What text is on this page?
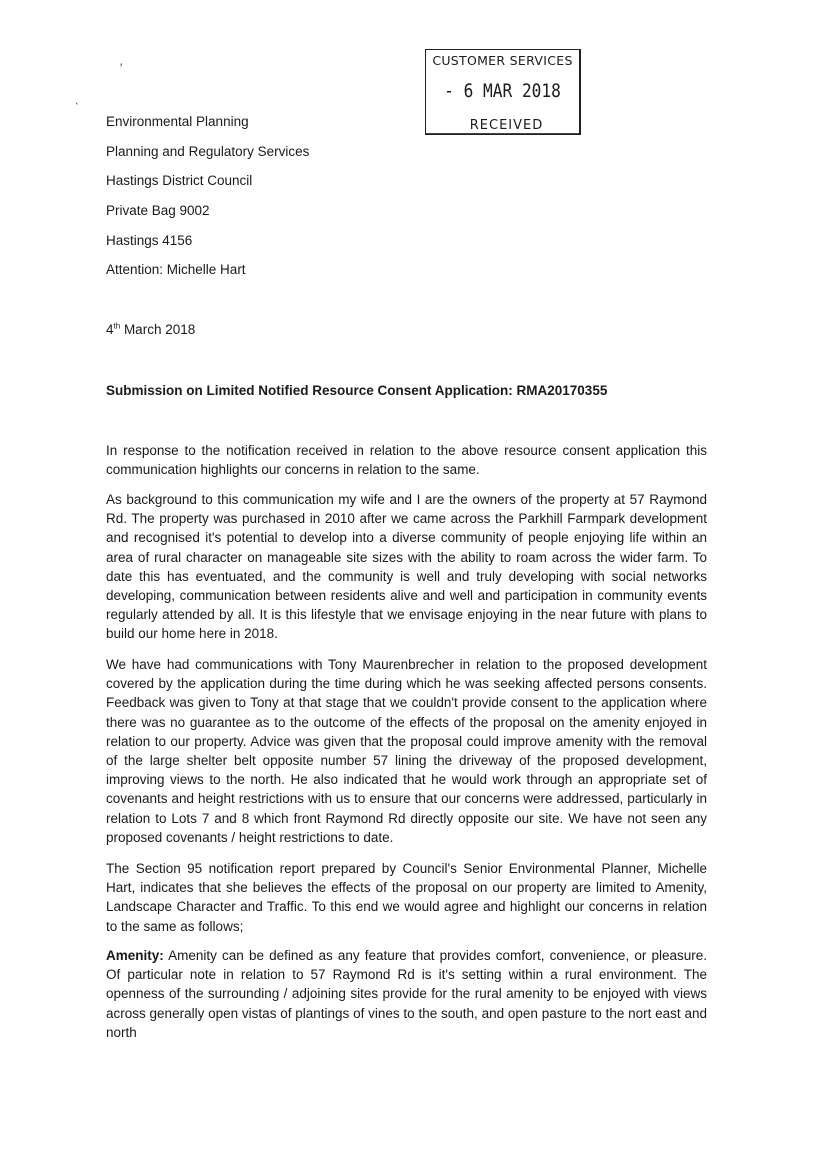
′
ˎ
CUSTOMER SERVICES
- 6 MAR 2018
RECEIVED
Environmental Planning
Planning and Regulatory Services
Hastings District Council
Private Bag 9002
Hastings 4156
Attention: Michelle Hart
4th March 2018
Submission on Limited Notified Resource Consent Application: RMA20170355

In response to the notification received in relation to the above resource consent application this communication highlights our concerns in relation to the same.

As background to this communication my wife and I are the owners of the property at 57 Raymond Rd. The property was purchased in 2010 after we came across the Parkhill Farmpark development and recognised it's potential to develop into a diverse community of people enjoying life within an area of rural character on manageable site sizes with the ability to roam across the wider farm. To date this has eventuated, and the community is well and truly developing with social networks developing, communication between residents alive and well and participation in community events regularly attended by all. It is this lifestyle that we envisage enjoying in the near future with plans to build our home here in 2018.

We have had communications with Tony Maurenbrecher in relation to the proposed development covered by the application during the time during which he was seeking affected persons consents. Feedback was given to Tony at that stage that we couldn't provide consent to the application where there was no guarantee as to the outcome of the effects of the proposal on the amenity enjoyed in relation to our property. Advice was given that the proposal could improve amenity with the removal of the large shelter belt opposite number 57 lining the driveway of the proposed development, improving views to the north. He also indicated that he would work through an appropriate set of covenants and height restrictions with us to ensure that our concerns were addressed, particularly in relation to Lots 7 and 8 which front Raymond Rd directly opposite our site. We have not seen any proposed covenants / height restrictions to date.

The Section 95 notification report prepared by Council's Senior Environmental Planner, Michelle Hart, indicates that she believes the effects of the proposal on our property are limited to Amenity, Landscape Character and Traffic. To this end we would agree and highlight our concerns in relation to the same as follows;

Amenity: Amenity can be defined as any feature that provides comfort, convenience, or pleasure. Of particular note in relation to 57 Raymond Rd is it's setting within a rural environment. The openness of the surrounding / adjoining sites provide for the rural amenity to be enjoyed with views across generally open vistas of plantings of vines to the south, and open pasture to the nort east and north
